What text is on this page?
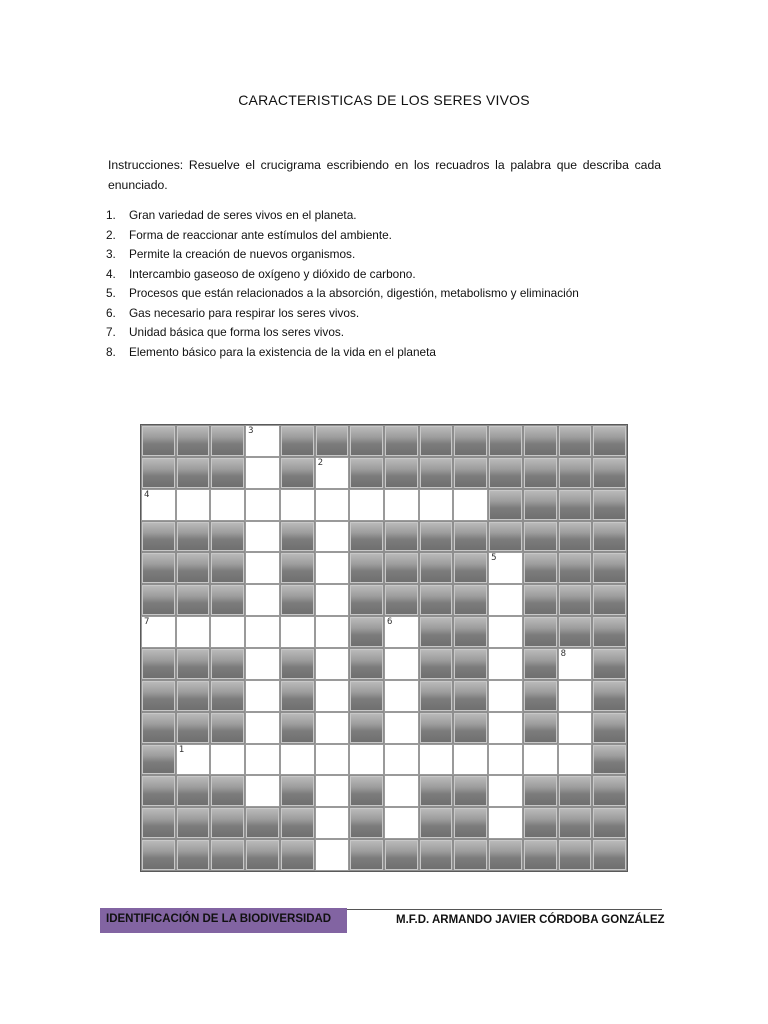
CARACTERISTICAS DE LOS SERES VIVOS
Instrucciones: Resuelve el crucigrama escribiendo en los recuadros la palabra que describa cada enunciado.
1. Gran variedad de seres vivos en el planeta.
2. Forma de reaccionar ante estímulos del ambiente.
3. Permite la creación de nuevos organismos.
4. Intercambio gaseoso de oxígeno y dióxido de carbono.
5. Procesos que están relacionados a la absorción, digestión, metabolismo y eliminación
6. Gas necesario para respirar los seres vivos.
7. Unidad básica que forma los seres vivos.
8. Elemento básico para la existencia de la vida en el planeta
3
2
4
5
7	6
8
1
IDENTIFICACIÓN DE LA BIODIVERSIDAD	M.F.D. ARMANDO JAVIER CÓRDOBA GONZÁLEZ
